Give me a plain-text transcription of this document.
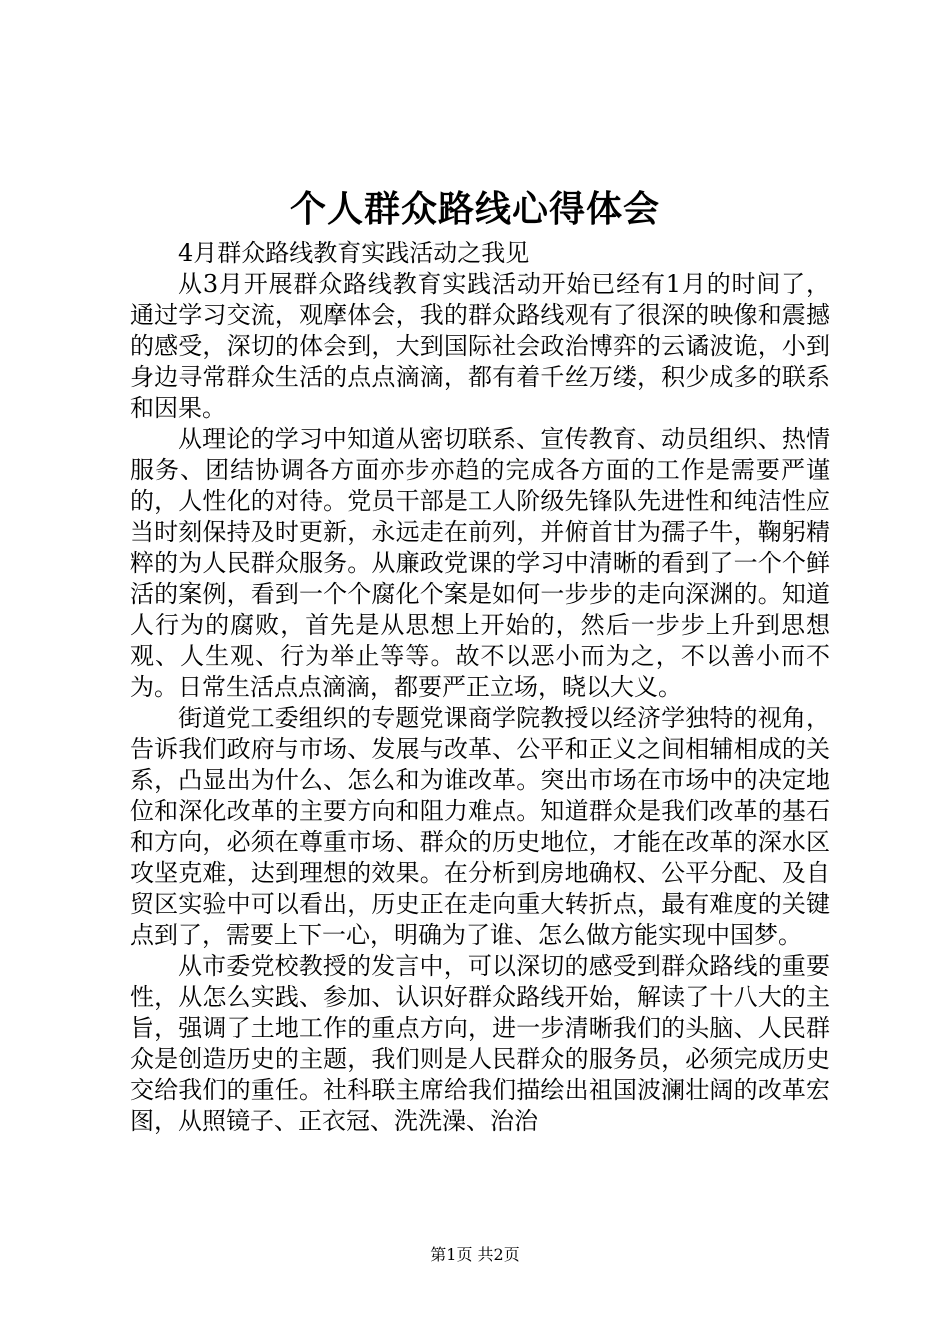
个人群众路线心得体会

4月群众路线教育实践活动之我见

从3月开展群众路线教育实践活动开始已经有1月的时间了，通过学习交流，观摩体会，我的群众路线观有了很深的映像和震撼的感受，深切的体会到，大到国际社会政治博弈的云谲波诡，小到身边寻常群众生活的点点滴滴，都有着千丝万缕，积少成多的联系和因果。

从理论的学习中知道从密切联系、宣传教育、动员组织、热情服务、团结协调各方面亦步亦趋的完成各方面的工作是需要严谨的，人性化的对待。党员干部是工人阶级先锋队先进性和纯洁性应当时刻保持及时更新，永远走在前列，并俯首甘为孺子牛，鞠躬精粹的为人民群众服务。从廉政党课的学习中清晰的看到了一个个鲜活的案例，看到一个个腐化个案是如何一步步的走向深渊的。知道人行为的腐败，首先是从思想上开始的，然后一步步上升到思想观、人生观、行为举止等等。故不以恶小而为之，不以善小而不为。日常生活点点滴滴，都要严正立场，晓以大义。

街道党工委组织的专题党课商学院教授以经济学独特的视角，告诉我们政府与市场、发展与改革、公平和正义之间相辅相成的关系，凸显出为什么、怎么和为谁改革。突出市场在市场中的决定地位和深化改革的主要方向和阻力难点。知道群众是我们改革的基石和方向，必须在尊重市场、群众的历史地位，才能在改革的深水区攻坚克难，达到理想的效果。在分析到房地确权、公平分配、及自贸区实验中可以看出，历史正在走向重大转折点，最有难度的关键点到了，需要上下一心，明确为了谁、怎么做方能实现中国梦。

从市委党校教授的发言中，可以深切的感受到群众路线的重要性，从怎么实践、参加、认识好群众路线开始，解读了十八大的主旨，强调了土地工作的重点方向，进一步清晰我们的头脑、人民群众是创造历史的主题，我们则是人民群众的服务员，必须完成历史交给我们的重任。社科联主席给我们描绘出祖国波澜壮阔的改革宏图，从照镜子、正衣冠、洗洗澡、治治

第1页 共2页
